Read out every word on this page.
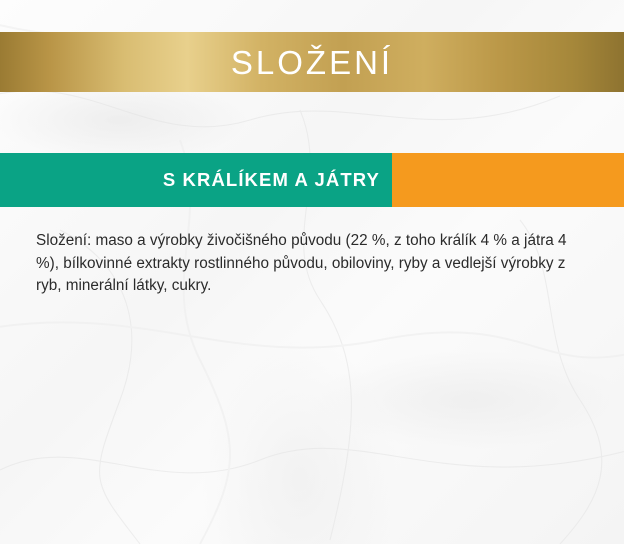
SLOŽENÍ
S KRÁLÍKEM A JÁTRY

Složení: maso a výrobky živočišného původu (22 %, z toho králík 4 % a játra 4 %), bílkovinné extrakty rostlinného původu, obiloviny, ryby a vedlejší výrobky z ryb, minerální látky, cukry.
